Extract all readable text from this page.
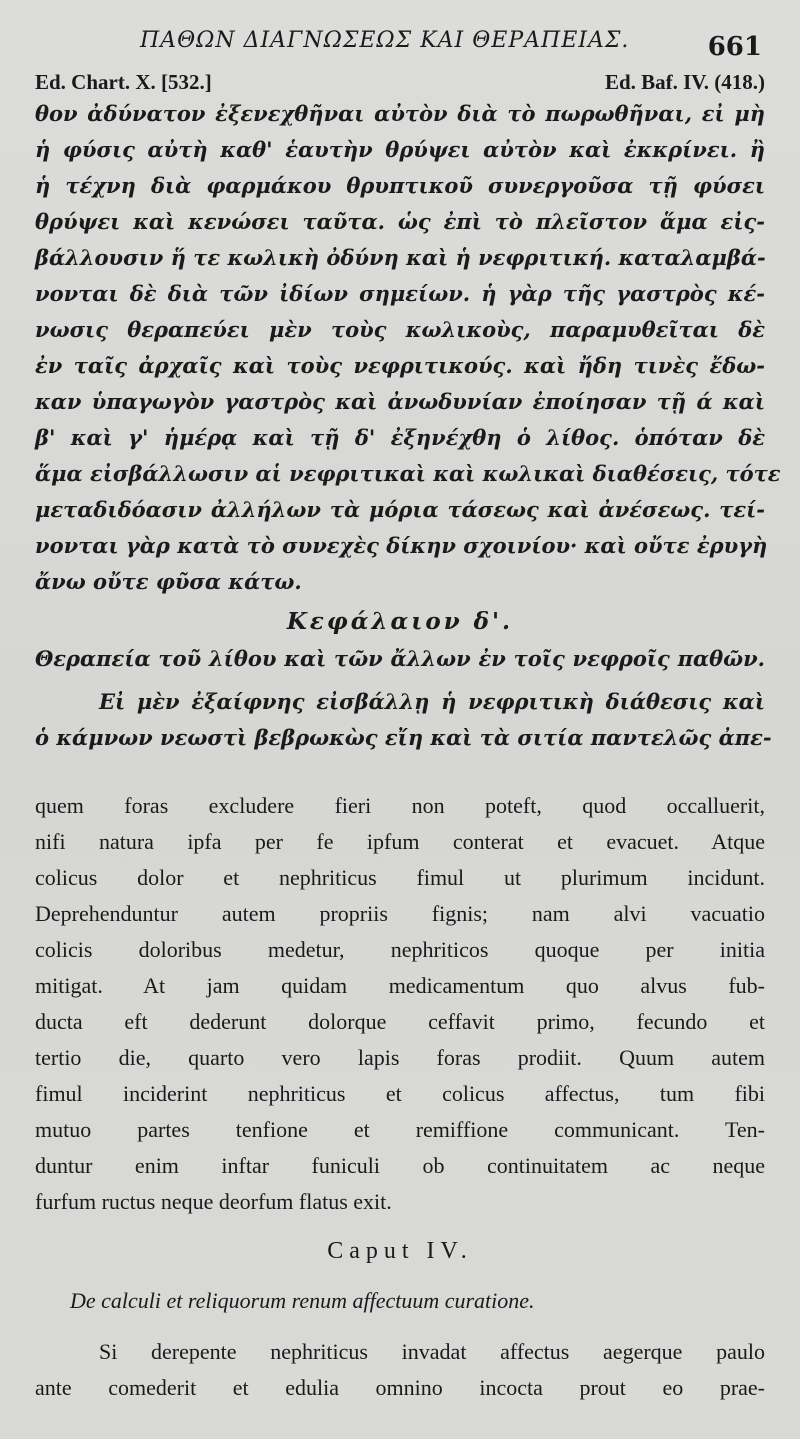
ΠΑΘΩΝ ΔΙΑΓΝΩΣΕΩΣ ΚΑΙ ΘΕΡΑΠΕΙΑΣ.	661
Ed. Chart. X. [532.]	Ed. Baf. IV. (418.)
θον ἀδύνατον ἐξενεχθῆναι αὐτὸν διὰ τὸ πωρωθῆναι, εἰ μὴ
ἡ φύσις αὐτὴ καθ' ἑαυτὴν θρύψει αὐτὸν καὶ ἐκκρίνει. ἢ
ἡ τέχνη διὰ φαρμάκου θρυπτικοῦ συνεργοῦσα τῇ φύσει
θρύψει καὶ κενώσει ταῦτα. ὡς ἐπὶ τὸ πλεῖστον ἅμα εἰς-
βάλλουσιν ἥ τε κωλικὴ ὀδύνη καὶ ἡ νεφριτική. καταλαμβά-
νονται δὲ διὰ τῶν ἰδίων σημείων. ἡ γὰρ τῆς γαστρὸς κέ-
νωσις θεραπεύει μὲν τοὺς κωλικοὺς, παραμυθεῖται δὲ
ἐν ταῖς ἀρχαῖς καὶ τοὺς νεφριτικούς. καὶ ἤδη τινὲς ἔδω-
καν ὑπαγωγὸν γαστρὸς καὶ ἀνωδυνίαν ἐποίησαν τῇ ά καὶ
β' καὶ γ' ἡμέρᾳ καὶ τῇ δ' ἐξηνέχθη ὁ λίθος. ὁπόταν δὲ
ἅμα εἰσβάλλωσιν αἱ νεφριτικαὶ καὶ κωλικαὶ διαθέσεις, τότε
μεταδιδόασιν ἀλλήλων τὰ μόρια τάσεως καὶ ἀνέσεως. τεί-
νονται γὰρ κατὰ τὸ συνεχὲς δίκην σχοινίου· καὶ οὔτε ἐρυγὴ
ἄνω οὔτε φῦσα κάτω.
Κεφάλαιον δ'.
Θεραπεία τοῦ λίθου καὶ τῶν ἄλλων ἐν τοῖς νεφροῖς παθῶν.
Εἰ μὲν ἐξαίφνης εἰσβάλλῃ ἡ νεφριτικὴ διάθεσις καὶ
ὁ κάμνων νεωστὶ βεβρωκὼς εἴη καὶ τὰ σιτία παντελῶς ἀπε-
quem foras excludere fieri non poteft, quod occalluerit,
nifi natura ipfa per fe ipfum conterat et evacuet. Atque
colicus dolor et nephriticus fimul ut plurimum incidunt.
Deprehenduntur autem propriis fignis; nam alvi vacuatio
colicis doloribus medetur, nephriticos quoque per initia
mitigat. At jam quidam medicamentum quo alvus fub-
ducta eft dederunt dolorque ceffavit primo, fecundo et
tertio die, quarto vero lapis foras prodiit. Quum autem
fimul inciderint nephriticus et colicus affectus, tum fibi
mutuo partes tenfione et remiffione communicant. Ten-
duntur enim inftar funiculi ob continuitatem ac neque
furfum ructus neque deorfum flatus exit.
Caput IV.
De calculi et reliquorum renum affectuum curatione.
Si derepente nephriticus invadat affectus aegerque paulo
ante comederit et edulia omnino incocta prout eo prae-
